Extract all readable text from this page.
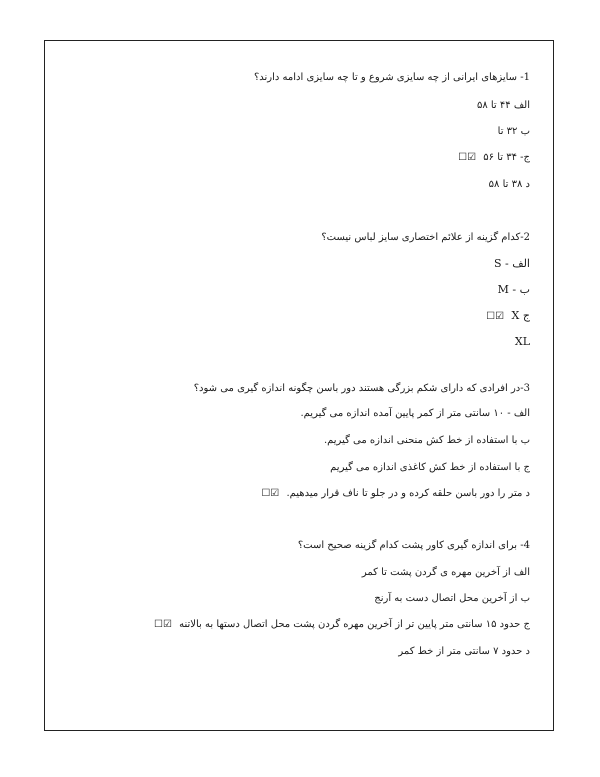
1- سایزهای ایرانی از چه سایزی شروع و تا چه سایزی ادامه دارند؟
الف ۴۴ تا ۵۸
ب ۳۲ تا
ج- ۳۴ تا ۵۶ ☑☐
د ۳۸ تا ۵۸
2-کدام گزینه از علائم اختصاری سایز لباس نیست؟
الف - S
ب - M
ج X ☑☐
XL
3-در افرادی که دارای شکم بزرگی هستند دور باسن چگونه اندازه گیری می شود؟
الف - ۱۰ سانتی متر از کمر پایین آمده اندازه می گیریم.
ب با استفاده از خط کش منحنی اندازه می گیریم.
ج با استفاده از خط کش کاغذی اندازه می گیریم
د متر را دور باسن حلقه کرده و در جلو تا ناف قرار میدهیم. ☑☐
4- برای اندازه گیری کاور پشت کدام گزینه صحیح است؟
الف از آخرین مهره ی گردن پشت تا کمر
ب از آخرین محل اتصال دست به آرنج
ج حدود ۱۵ سانتی متر پایین تر از آخرین مهره گردن پشت محل اتصال دستها به بالاتنه ☑☐
د حدود ۷ سانتی متر از خط کمر
